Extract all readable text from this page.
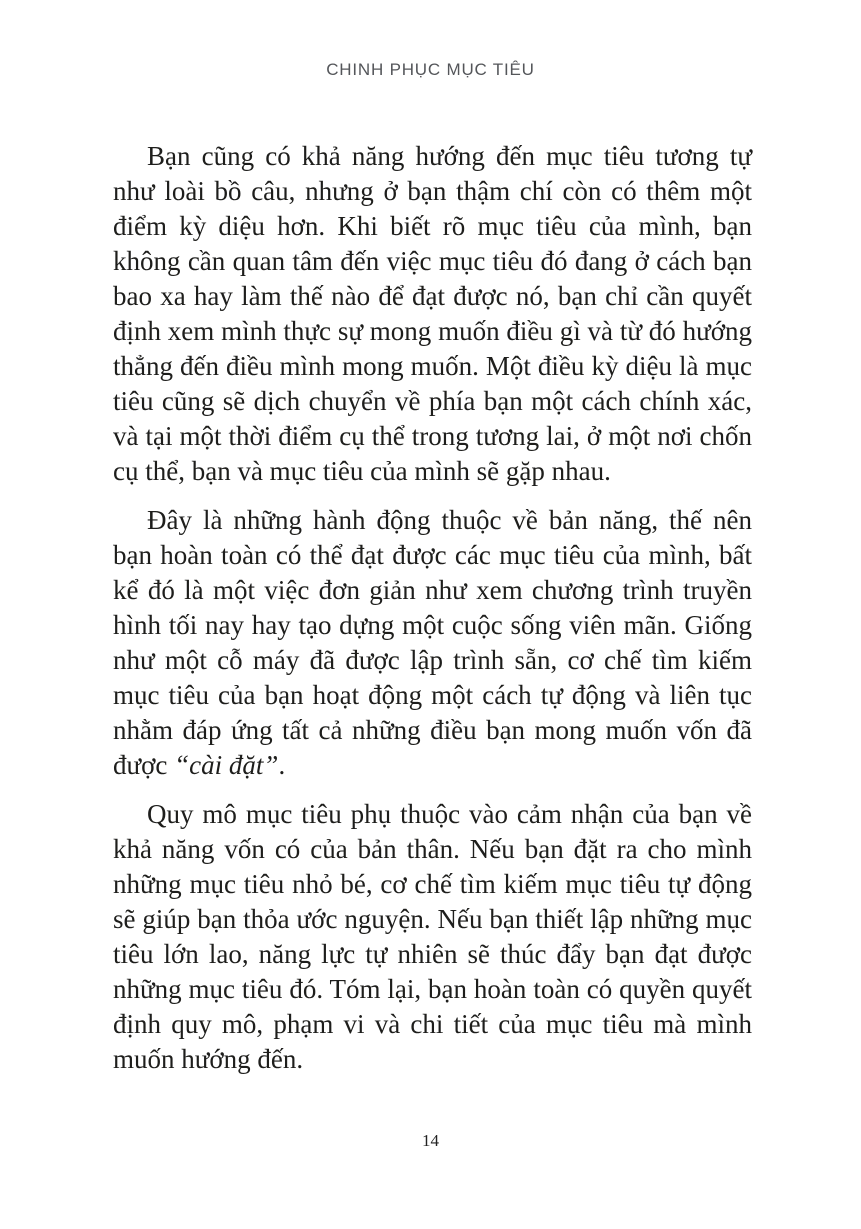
CHINH PHỤC MỤC TIÊU

Bạn cũng có khả năng hướng đến mục tiêu tương tự như loài bồ câu, nhưng ở bạn thậm chí còn có thêm một điểm kỳ diệu hơn. Khi biết rõ mục tiêu của mình, bạn không cần quan tâm đến việc mục tiêu đó đang ở cách bạn bao xa hay làm thế nào để đạt được nó, bạn chỉ cần quyết định xem mình thực sự mong muốn điều gì và từ đó hướng thẳng đến điều mình mong muốn. Một điều kỳ diệu là mục tiêu cũng sẽ dịch chuyển về phía bạn một cách chính xác, và tại một thời điểm cụ thể trong tương lai, ở một nơi chốn cụ thể, bạn và mục tiêu của mình sẽ gặp nhau.

Đây là những hành động thuộc về bản năng, thế nên bạn hoàn toàn có thể đạt được các mục tiêu của mình, bất kể đó là một việc đơn giản như xem chương trình truyền hình tối nay hay tạo dựng một cuộc sống viên mãn. Giống như một cỗ máy đã được lập trình sẵn, cơ chế tìm kiếm mục tiêu của bạn hoạt động một cách tự động và liên tục nhằm đáp ứng tất cả những điều bạn mong muốn vốn đã được “cài đặt”.

Quy mô mục tiêu phụ thuộc vào cảm nhận của bạn về khả năng vốn có của bản thân. Nếu bạn đặt ra cho mình những mục tiêu nhỏ bé, cơ chế tìm kiếm mục tiêu tự động sẽ giúp bạn thỏa ước nguyện. Nếu bạn thiết lập những mục tiêu lớn lao, năng lực tự nhiên sẽ thúc đẩy bạn đạt được những mục tiêu đó. Tóm lại, bạn hoàn toàn có quyền quyết định quy mô, phạm vi và chi tiết của mục tiêu mà mình muốn hướng đến.

14
